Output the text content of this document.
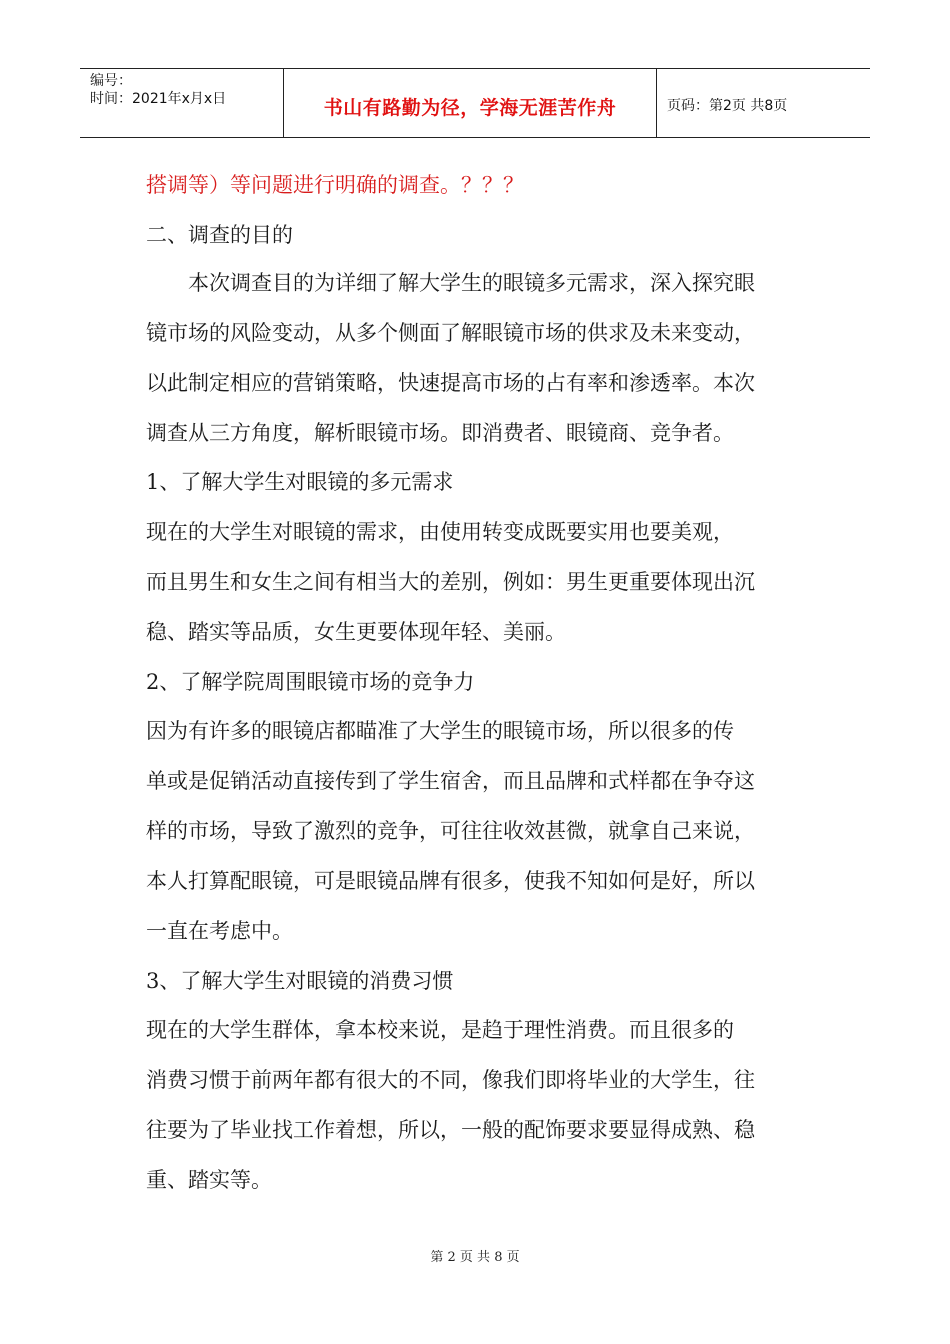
编号：
时间：2021年x月x日	书山有路勤为径，学海无涯苦作舟	页码：第2页 共8页
搭调等）等问题进行明确的调查。？？？
二、调查的目的
　　本次调查目的为详细了解大学生的眼镜多元需求，深入探究眼
镜市场的风险变动，从多个侧面了解眼镜市场的供求及未来变动，
以此制定相应的营销策略，快速提高市场的占有率和渗透率。本次
调查从三方角度，解析眼镜市场。即消费者、眼镜商、竞争者。
1、了解大学生对眼镜的多元需求
现在的大学生对眼镜的需求，由使用转变成既要实用也要美观，
而且男生和女生之间有相当大的差别，例如：男生更重要体现出沉
稳、踏实等品质，女生更要体现年轻、美丽。
2、了解学院周围眼镜市场的竞争力
因为有许多的眼镜店都瞄准了大学生的眼镜市场，所以很多的传
单或是促销活动直接传到了学生宿舍，而且品牌和式样都在争夺这
样的市场，导致了激烈的竞争，可往往收效甚微，就拿自己来说，
本人打算配眼镜，可是眼镜品牌有很多，使我不知如何是好，所以
一直在考虑中。
3、了解大学生对眼镜的消费习惯
现在的大学生群体，拿本校来说，是趋于理性消费。而且很多的
消费习惯于前两年都有很大的不同，像我们即将毕业的大学生，往
往要为了毕业找工作着想，所以，一般的配饰要求要显得成熟、稳
重、踏实等。
第 2 页 共 8 页
